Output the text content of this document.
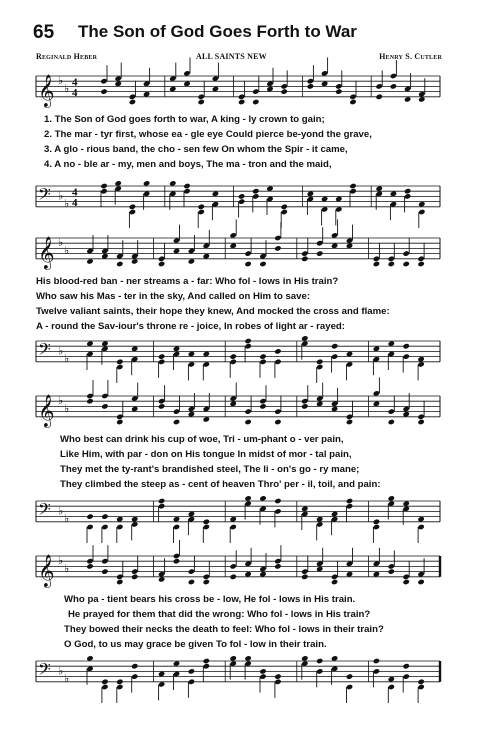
65 The Son of God Goes Forth to War
Reginald Heber	ALL SAINTS NEW	Henry S. Cutler
𝄞 ♭
♭ 4
4
1. The Son of God goes forth to war, A king - ly crown to gain;
2. The mar - tyr first, whose ea - gle eye Could pierce be-yond the grave,
3. A glo - rious band, the cho - sen few On whom the Spir - it came,
4. A no - ble ar - my, men and boys, The ma - tron and the maid,
𝄢 ♭
♭
4
4
𝄞 ♭
♭
His blood-red ban - ner streams a - far: Who fol - lows in His train?
Who saw his Mas - ter in the sky, And called on Him to save:
Twelve valiant saints, their hope they knew, And mocked the cross and flame:
A - round the Sav-iour's throne re - joice, In robes of light ar - rayed:
𝄢 ♭
♭
𝄞 ♭
♭
Who best can drink his cup of woe, Tri - um-phant o - ver pain,
Like Him, with par - don on His tongue In midst of mor - tal pain,
They met the ty-rant's brandished steel, The li - on's go - ry mane;
They climbed the steep as - cent of heaven Thro' per - il, toil, and pain:
𝄢 ♭
♭
𝄞 ♭
♭
Who pa - tient bears his cross be - low, He fol - lows in His train.
He prayed for them that did the wrong: Who fol - lows in His train?
They bowed their necks the death to feel: Who fol - lows in their train?
O God, to us may grace be given To fol - low in their train.
𝄢 ♭
♭
